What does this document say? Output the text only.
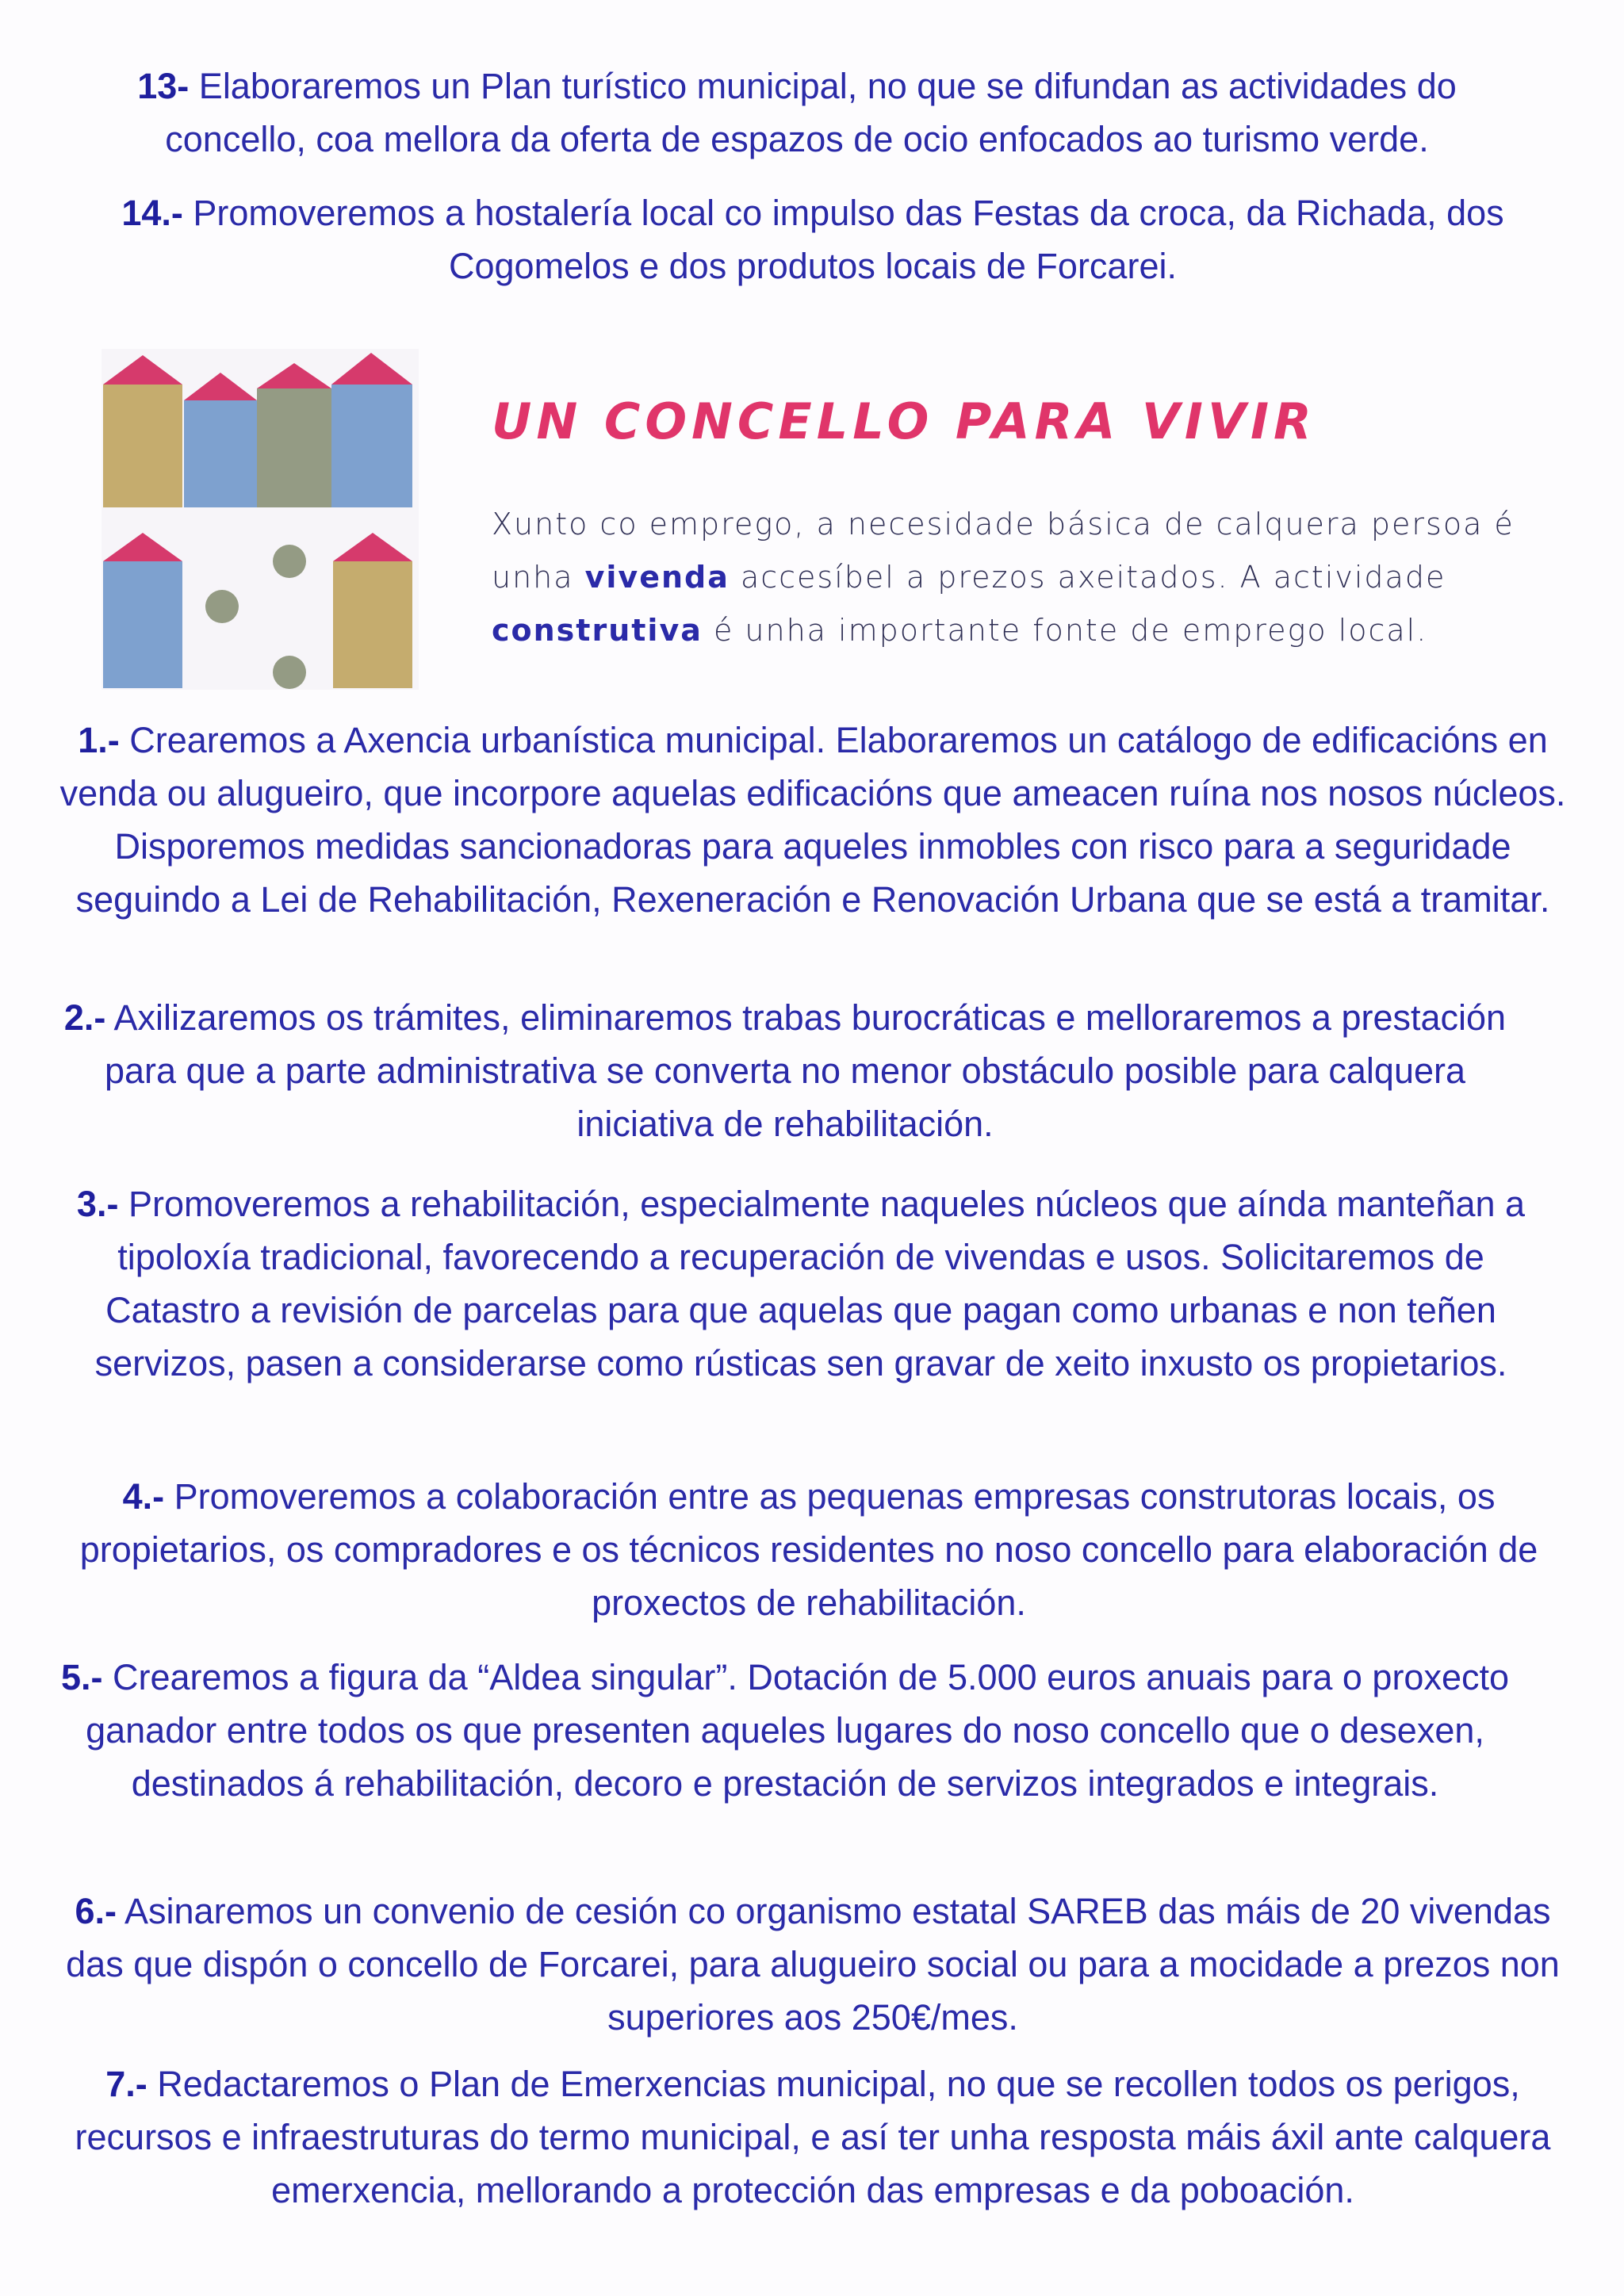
13- Elaboraremos un Plan turístico municipal, no que se difundan as actividades do concello, coa mellora da oferta de espazos de ocio enfocados ao turismo verde.

14.- Promoveremos a hostalería local co impulso das Festas da croca, da Richada, dos Cogomelos e dos produtos locais de Forcarei.

UN CONCELLO PARA VIVIR

Xunto co emprego, a necesidade básica de calquera persoa é unha vivenda accesíbel a prezos axeitados. A actividade construtiva é unha importante fonte de emprego local.

1.- Crearemos a Axencia urbanística municipal. Elaboraremos un catálogo de edificacións en venda ou alugueiro, que incorpore aquelas edificacións que ameacen ruína nos nosos núcleos. Disporemos medidas sancionadoras para aqueles inmobles con risco para a seguridade seguindo a Lei de Rehabilitación, Rexeneración e Renovación Urbana que se está a tramitar.

2.- Axilizaremos os trámites, eliminaremos trabas burocráticas e melloraremos a prestación para que a parte administrativa se converta no menor obstáculo posible para calquera iniciativa de rehabilitación.

3.- Promoveremos a rehabilitación, especialmente naqueles núcleos que aínda manteñan a tipoloxía tradicional, favorecendo a recuperación de vivendas e usos. Solicitaremos de Catastro a revisión de parcelas para que aquelas que pagan como urbanas e non teñen servizos, pasen a considerarse como rústicas sen gravar de xeito inxusto os propietarios.

4.- Promoveremos a colaboración entre as pequenas empresas construtoras locais, os propietarios, os compradores e os técnicos residentes no noso concello para elaboración de proxectos de rehabilitación.

5.- Crearemos a figura da “Aldea singular”. Dotación de 5.000 euros anuais para o proxecto ganador entre todos os que presenten aqueles lugares do noso concello que o desexen, destinados á rehabilitación, decoro e prestación de servizos integrados e integrais.

6.- Asinaremos un convenio de cesión co organismo estatal SAREB das máis de 20 vivendas das que dispón o concello de Forcarei, para alugueiro social ou para a mocidade a prezos non superiores aos 250€/mes.

7.- Redactaremos o Plan de Emerxencias municipal, no que se recollen todos os perigos, recursos e infraestruturas do termo municipal, e así ter unha resposta máis áxil ante calquera emerxencia, mellorando a protección das empresas e da poboación.
